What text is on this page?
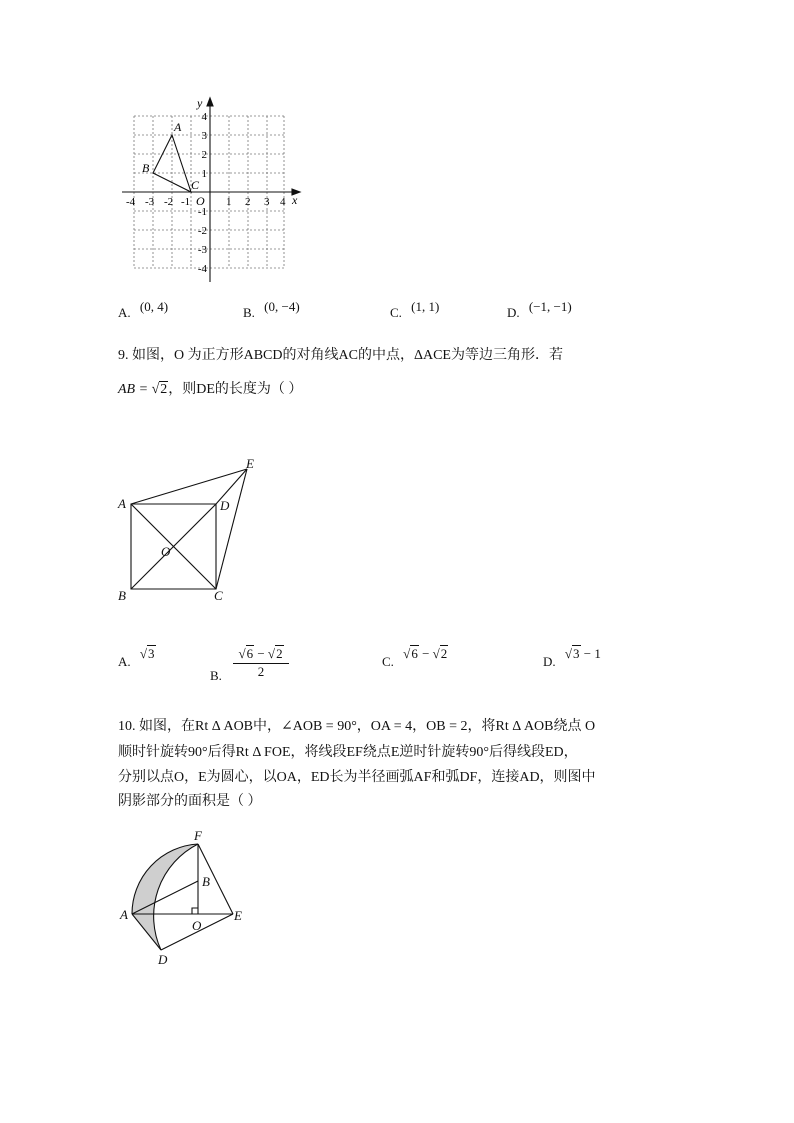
y
x
O
A
B
C
-4 -3 -2 -1	1 2 3 4
4
3
2
1
-1
-2
-3
-4
A. (0, 4)	B. (0, −4)	C. (1, 1)	D. (−1, −1)
9. 如图，O 为正方形ABCD的对角线AC的中点，ΔACE为等边三角形．若
AB = √2，则DE的长度为（ ）
A
B	C
D
E
O
A. √3
B. $\frac{√6 - √2}{2}$	C. √6 − √2
D. √3 − 1
10. 如图，在Rt Δ AOB中，∠AOB = 90°，OA = 4，OB = 2，将Rt Δ AOB绕点 O
顺时针旋转90°后得Rt Δ FOE，将线段EF绕点E逆时针旋转90°后得线段ED，
分别以点O，E为圆心，以OA，ED长为半径画弧AF和弧DF，连接AD，则图中
阴影部分的面积是（ ）
F
B
A
O
E
D
